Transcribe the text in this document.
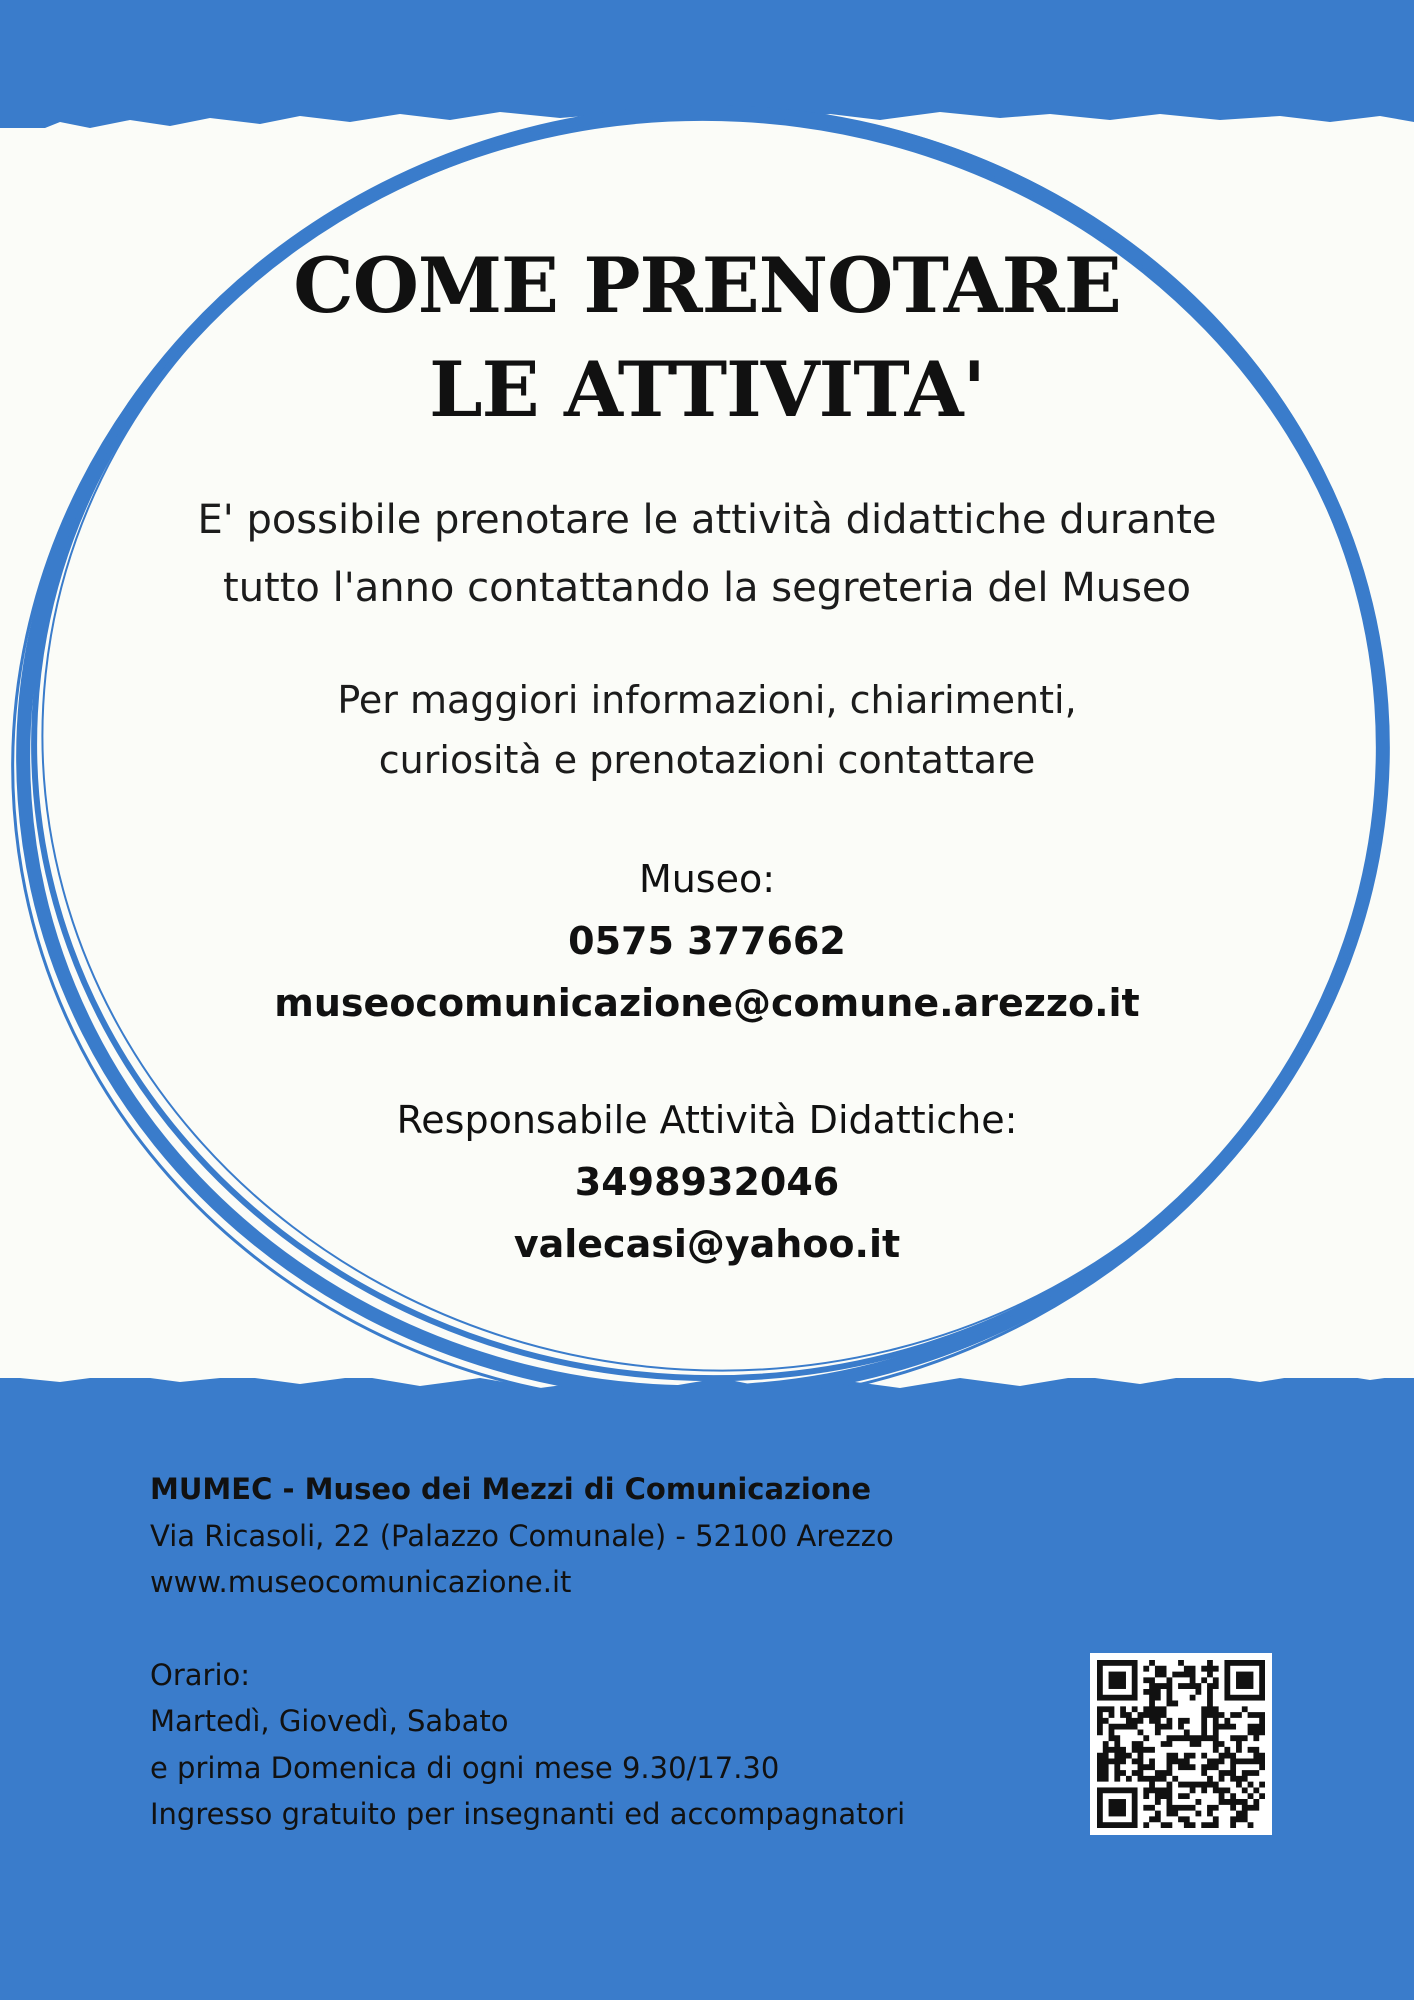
COME PRENOTARE
LE ATTIVITA'
E' possibile prenotare le attività didattiche durante
tutto l'anno contattando la segreteria del Museo
Per maggiori informazioni, chiarimenti,
curiosità e prenotazioni contattare
Museo:
0575 377662
museocomunicazione@comune.arezzo.it
Responsabile Attività Didattiche:
3498932046
valecasi@yahoo.it
MUMEC - Museo dei Mezzi di Comunicazione
Via Ricasoli, 22 (Palazzo Comunale) - 52100 Arezzo
www.museocomunicazione.it
Orario:
Martedì, Giovedì, Sabato
e prima Domenica di ogni mese 9.30/17.30
Ingresso gratuito per insegnanti ed accompagnatori
